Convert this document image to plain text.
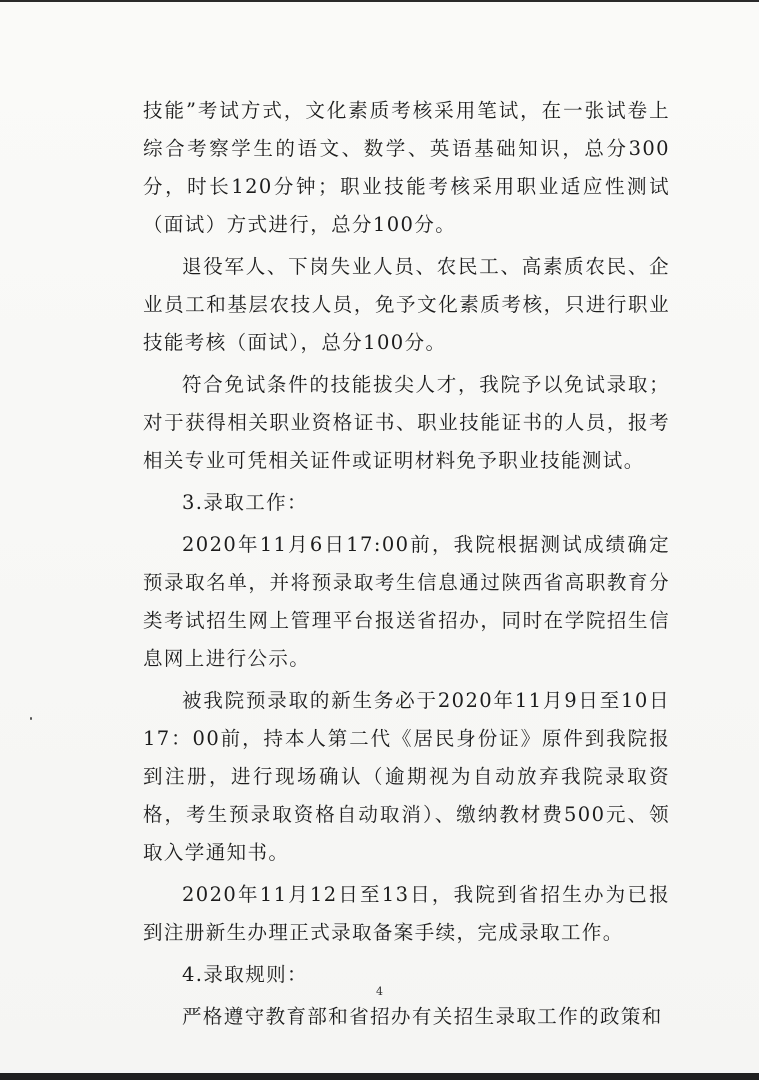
技能”考试方式，文化素质考核采用笔试，在一张试卷上综合考察学生的语文、数学、英语基础知识，总分300分，时长120分钟；职业技能考核采用职业适应性测试（面试）方式进行，总分100分。

退役军人、下岗失业人员、农民工、高素质农民、企业员工和基层农技人员，免予文化素质考核，只进行职业技能考核（面试），总分100分。

符合免试条件的技能拔尖人才，我院予以免试录取；对于获得相关职业资格证书、职业技能证书的人员，报考相关专业可凭相关证件或证明材料免予职业技能测试。

3.录取工作：

2020年11月6日17:00前，我院根据测试成绩确定预录取名单，并将预录取考生信息通过陕西省高职教育分类考试招生网上管理平台报送省招办，同时在学院招生信息网上进行公示。

被我院预录取的新生务必于2020年11月9日至10日17：00前，持本人第二代《居民身份证》原件到我院报到注册，进行现场确认（逾期视为自动放弃我院录取资格，考生预录取资格自动取消）、缴纳教材费500元、领取入学通知书。

2020年11月12日至13日，我院到省招生办为已报到注册新生办理正式录取备案手续，完成录取工作。

4.录取规则：

严格遵守教育部和省招办有关招生录取工作的政策和

4
